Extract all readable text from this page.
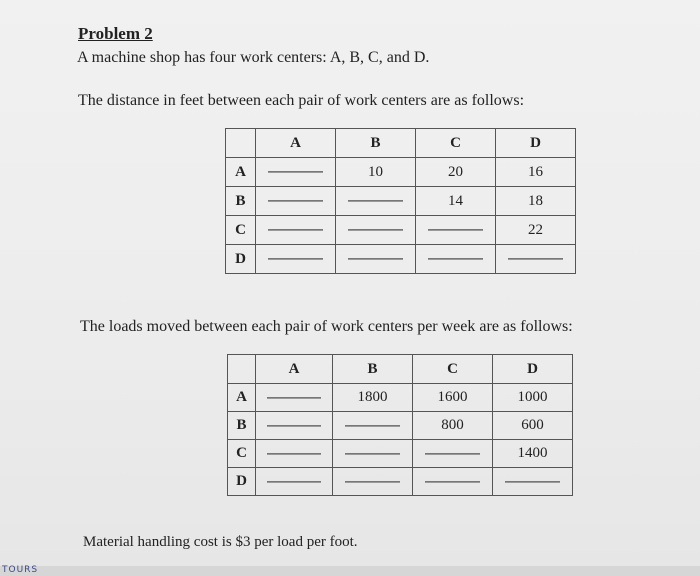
Problem 2
A machine shop has four work centers: A, B, C, and D.
The distance in feet between each pair of work centers are as follows:
	A	B	C	D
A		10	20	16
B			14	18
C				22
D				
The loads moved between each pair of work centers per week are as follows:
	A	B	C	D
A		1800	1600	1000
B			800	600
C				1400
D				
Material handling cost is $3 per load per foot.
TOURS
